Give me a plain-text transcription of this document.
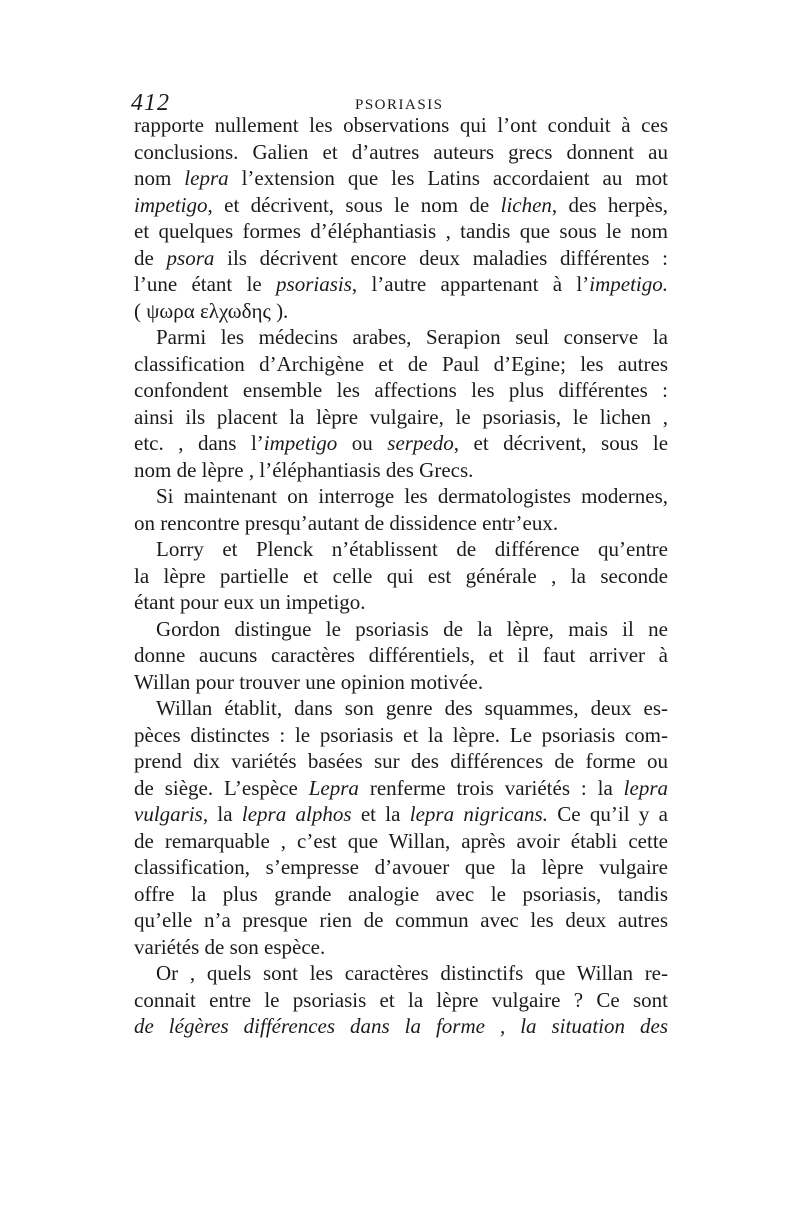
412	PSORIASIS
rapporte nullement les observations qui l’ont conduit à ces
conclusions. Galien et d’autres auteurs grecs donnent au
nom lepra l’extension que les Latins accordaient au mot
impetigo, et décrivent, sous le nom de lichen, des herpès,
et quelques formes d’éléphantiasis , tandis que sous le nom
de psora ils décrivent encore deux maladies différentes :
l’une étant le psoriasis, l’autre appartenant à l’impetigo.
( ψωρα ελχωδης ).
Parmi les médecins arabes, Serapion seul conserve la
classification d’Archigène et de Paul d’Egine; les autres
confondent ensemble les affections les plus différentes :
ainsi ils placent la lèpre vulgaire, le psoriasis, le lichen ,
etc. , dans l’impetigo ou serpedo, et décrivent, sous le
nom de lèpre , l’éléphantiasis des Grecs.
Si maintenant on interroge les dermatologistes modernes,
on rencontre presqu’autant de dissidence entr’eux.
Lorry et Plenck n’établissent de différence qu’entre
la lèpre partielle et celle qui est générale , la seconde
étant pour eux un impetigo.
Gordon distingue le psoriasis de la lèpre, mais il ne
donne aucuns caractères différentiels, et il faut arriver à
Willan pour trouver une opinion motivée.
Willan établit, dans son genre des squammes, deux es-
pèces distinctes : le psoriasis et la lèpre. Le psoriasis com-
prend dix variétés basées sur des différences de forme ou
de siège. L’espèce Lepra renferme trois variétés : la lepra
vulgaris, la lepra alphos et la lepra nigricans. Ce qu’il y a
de remarquable , c’est que Willan, après avoir établi cette
classification, s’empresse d’avouer que la lèpre vulgaire
offre la plus grande analogie avec le psoriasis, tandis
qu’elle n’a presque rien de commun avec les deux autres
variétés de son espèce.
Or , quels sont les caractères distinctifs que Willan re-
connait entre le psoriasis et la lèpre vulgaire ? Ce sont
de légères différences dans la forme , la situation des
